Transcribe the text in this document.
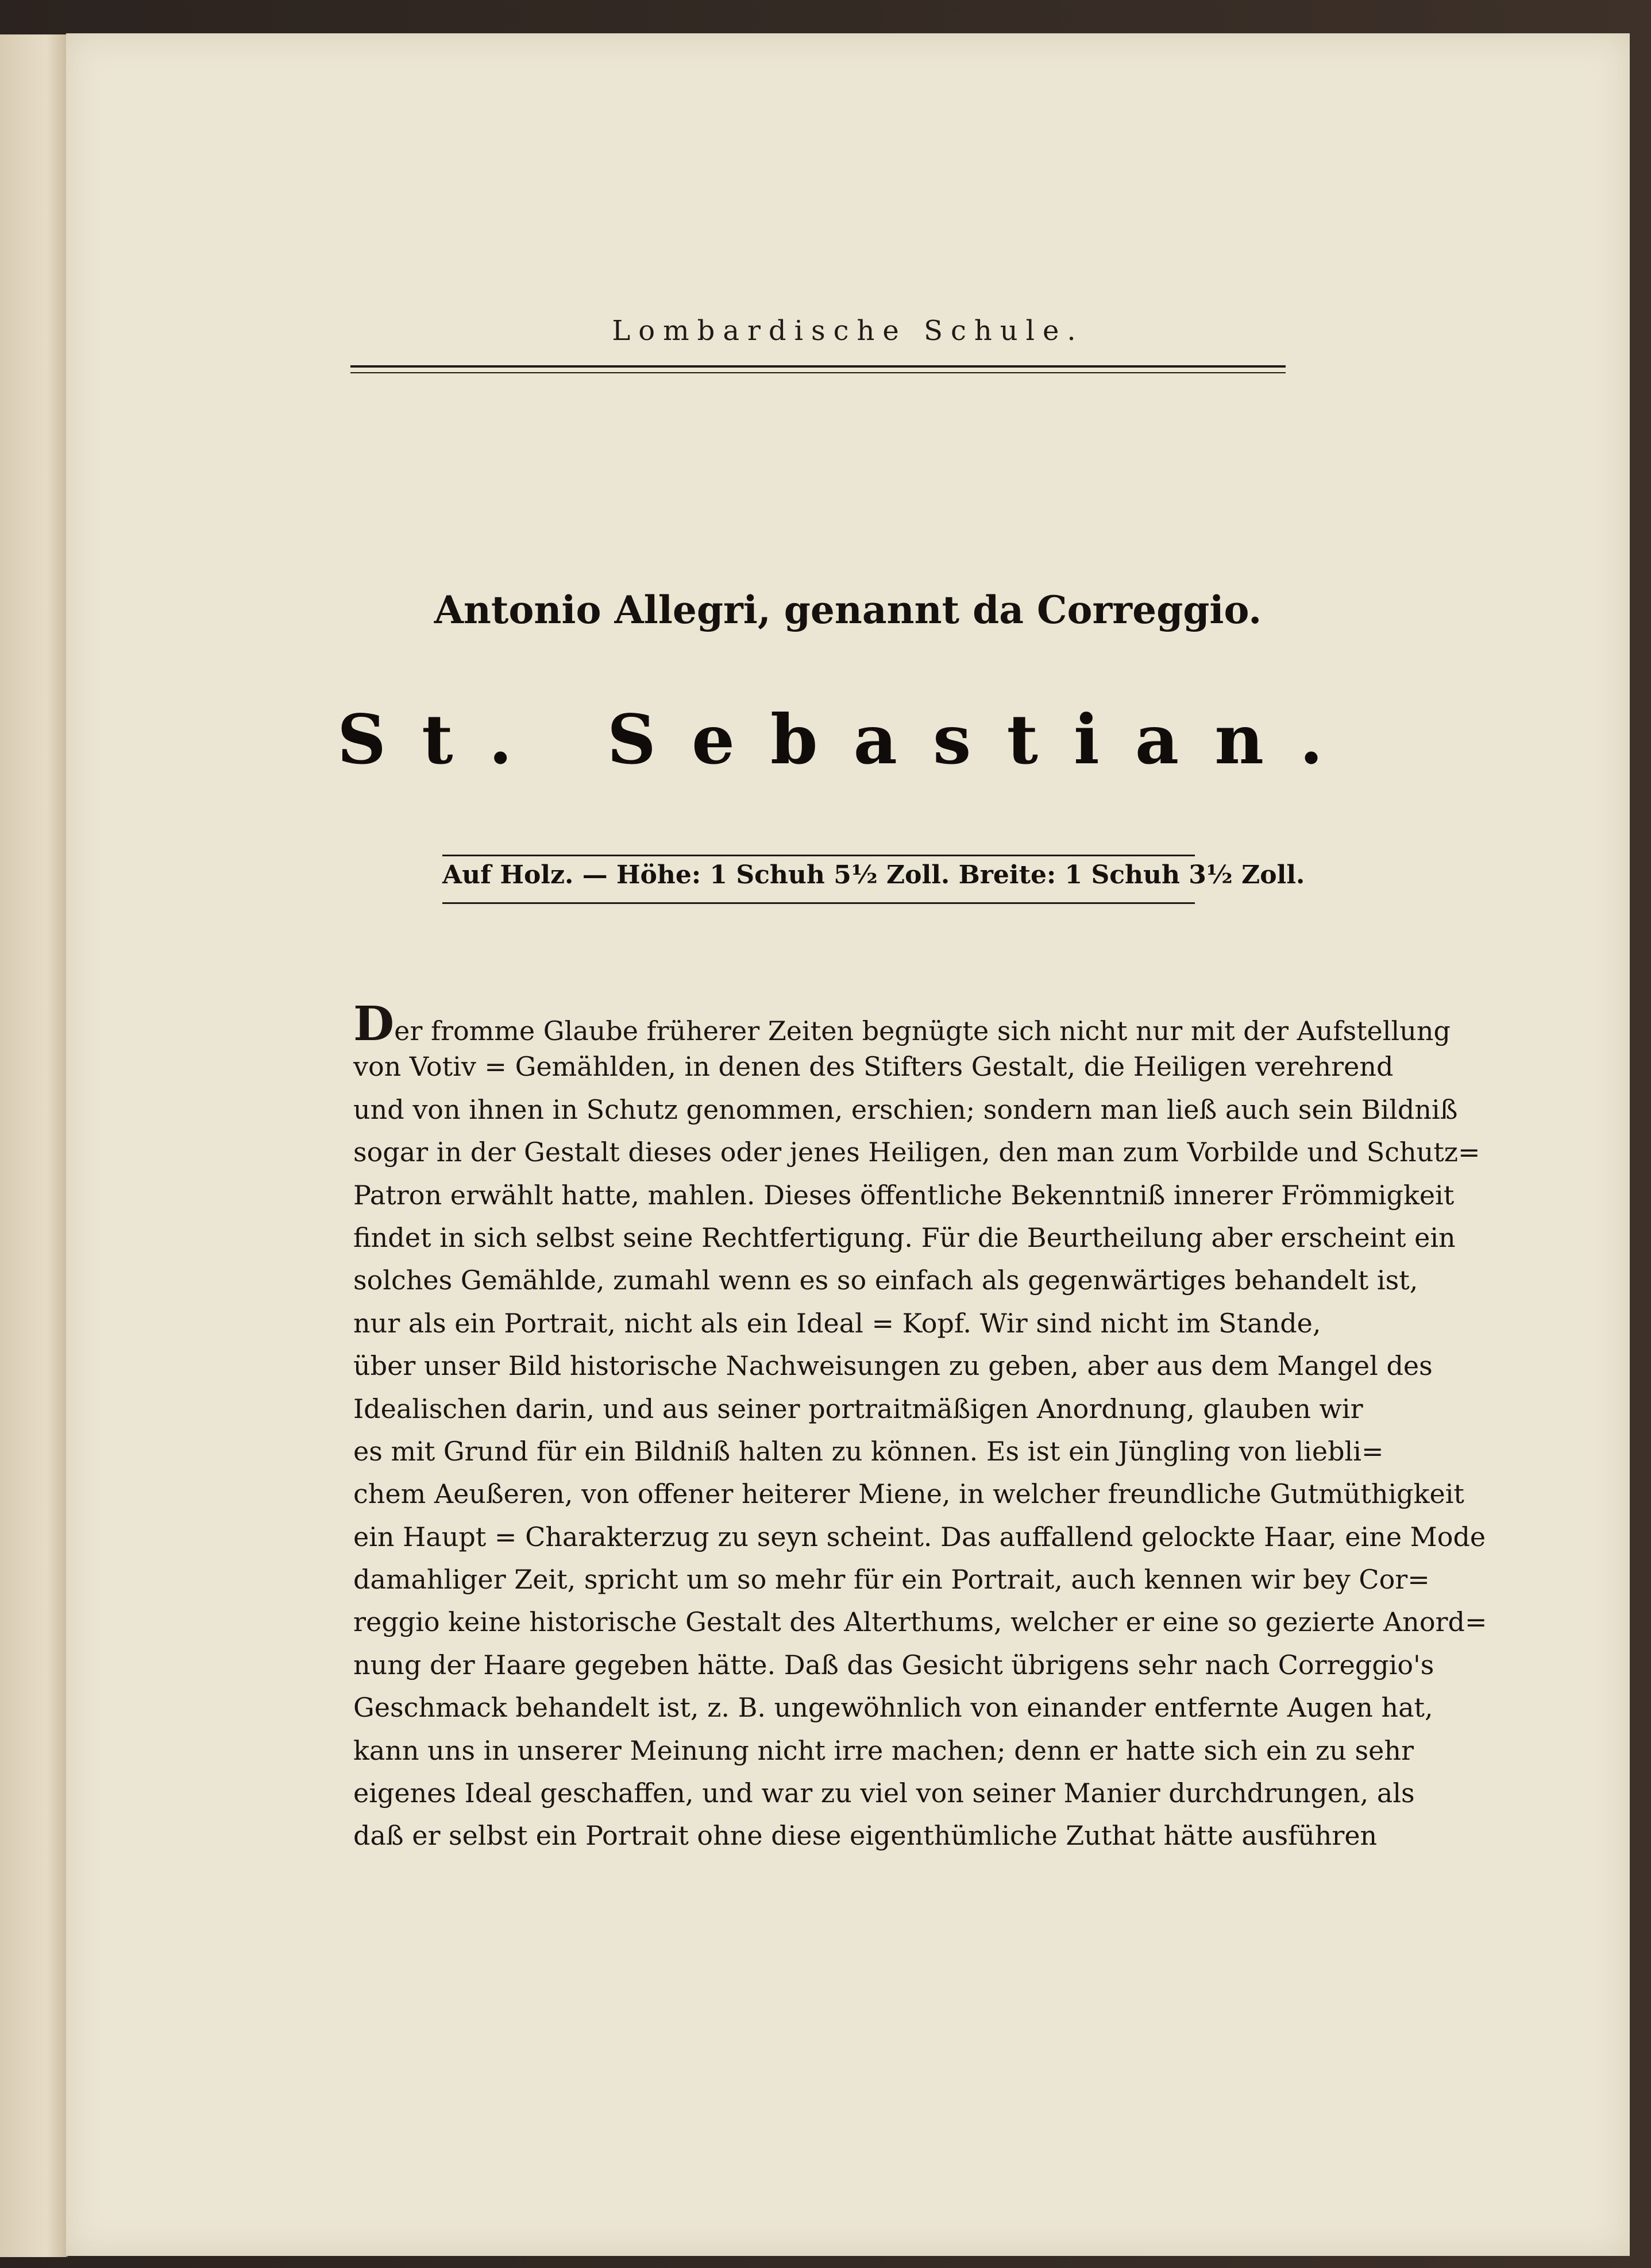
Lombardische Schule.
Antonio Allegri, genannt da Correggio.
St. Sebastian.
Auf Holz. — Höhe: 1 Schuh 5½ Zoll. Breite: 1 Schuh 3½ Zoll.
Der fromme Glaube früherer Zeiten begnügte sich nicht nur mit der Aufstellung
von Votiv = Gemählden, in denen des Stifters Gestalt, die Heiligen verehrend
und von ihnen in Schutz genommen, erschien; sondern man ließ auch sein Bildniß
sogar in der Gestalt dieses oder jenes Heiligen, den man zum Vorbilde und Schutz=
Patron erwählt hatte, mahlen. Dieses öffentliche Bekenntniß innerer Frömmigkeit
findet in sich selbst seine Rechtfertigung. Für die Beurtheilung aber erscheint ein
solches Gemählde, zumahl wenn es so einfach als gegenwärtiges behandelt ist,
nur als ein Portrait, nicht als ein Ideal = Kopf. Wir sind nicht im Stande,
über unser Bild historische Nachweisungen zu geben, aber aus dem Mangel des
Idealischen darin, und aus seiner portraitmäßigen Anordnung, glauben wir
es mit Grund für ein Bildniß halten zu können. Es ist ein Jüngling von liebli=
chem Aeußeren, von offener heiterer Miene, in welcher freundliche Gutmüthigkeit
ein Haupt = Charakterzug zu seyn scheint. Das auffallend gelockte Haar, eine Mode
damahliger Zeit, spricht um so mehr für ein Portrait, auch kennen wir bey Cor=
reggio keine historische Gestalt des Alterthums, welcher er eine so gezierte Anord=
nung der Haare gegeben hätte. Daß das Gesicht übrigens sehr nach Correggio's
Geschmack behandelt ist, z. B. ungewöhnlich von einander entfernte Augen hat,
kann uns in unserer Meinung nicht irre machen; denn er hatte sich ein zu sehr
eigenes Ideal geschaffen, und war zu viel von seiner Manier durchdrungen, als
daß er selbst ein Portrait ohne diese eigenthümliche Zuthat hätte ausführen
